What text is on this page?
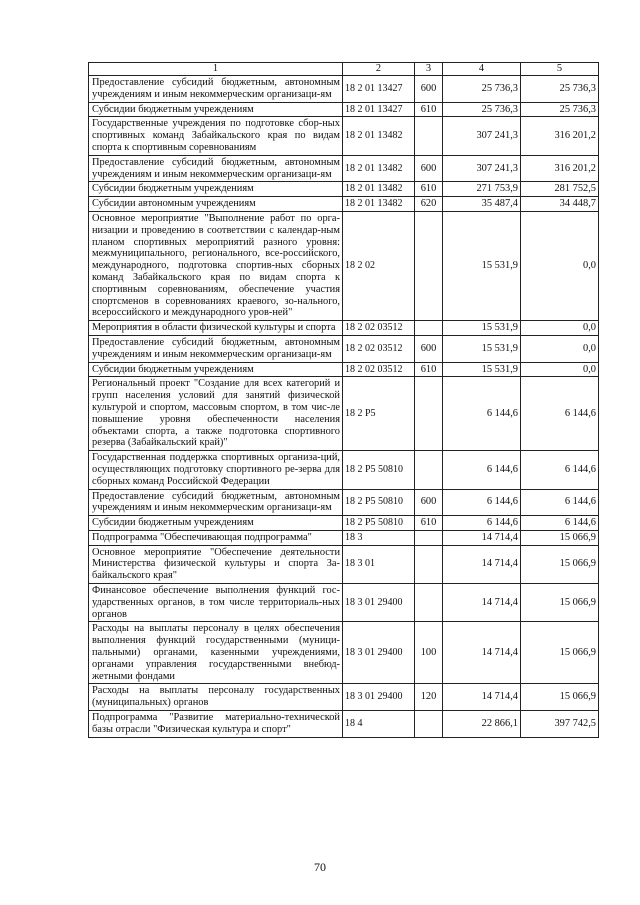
1	2	3	4	5
Предоставление субсидий бюджетным, автономным учреждениям и иным некоммерческим организаци-ям	18 2 01 13427	600	25 736,3	25 736,3
Субсидии бюджетным учреждениям	18 2 01 13427	610	25 736,3	25 736,3
Государственные учреждения по подготовке сбор-ных спортивных команд Забайкальского края по видам спорта к спортивным соревнованиям	18 2 01 13482		307 241,3	316 201,2
Предоставление субсидий бюджетным, автономным учреждениям и иным некоммерческим организаци-ям	18 2 01 13482	600	307 241,3	316 201,2
Субсидии бюджетным учреждениям	18 2 01 13482	610	271 753,9	281 752,5
Субсидии автономным учреждениям	18 2 01 13482	620	35 487,4	34 448,7
Основное мероприятие "Выполнение работ по орга-низации и проведению в соответствии с календар-ным планом спортивных мероприятий разного уровня: межмуниципального, регионального, все-российского, международного, подготовка спортив-ных сборных команд Забайкальского края по видам спорта к спортивным соревнованиям, обеспечение участия спортсменов в соревнованиях краевого, зо-нального, всероссийского и международного уров-ней"	18 2 02		15 531,9	0,0
Мероприятия в области физической культуры и спорта	18 2 02 03512		15 531,9	0,0
Предоставление субсидий бюджетным, автономным учреждениям и иным некоммерческим организаци-ям	18 2 02 03512	600	15 531,9	0,0
Субсидии бюджетным учреждениям	18 2 02 03512	610	15 531,9	0,0
Региональный проект "Создание для всех категорий и групп населения условий для занятий физической культурой и спортом, массовым спортом, в том чис-ле повышение уровня обеспеченности населения объектами спорта, а также подготовка спортивного резерва (Забайкальский край)"	18 2 P5		6 144,6	6 144,6
Государственная поддержка спортивных организа-ций, осуществляющих подготовку спортивного ре-зерва для сборных команд Российской Федерации	18 2 P5 50810		6 144,6	6 144,6
Предоставление субсидий бюджетным, автономным учреждениям и иным некоммерческим организаци-ям	18 2 P5 50810	600	6 144,6	6 144,6
Субсидии бюджетным учреждениям	18 2 P5 50810	610	6 144,6	6 144,6
Подпрограмма "Обеспечивающая подпрограмма"	18 3		14 714,4	15 066,9
Основное мероприятие "Обеспечение деятельности Министерства физической культуры и спорта За-байкальского края"	18 3 01		14 714,4	15 066,9
Финансовое обеспечение выполнения функций гос-ударственных органов, в том числе территориаль-ных органов	18 3 01 29400		14 714,4	15 066,9
Расходы на выплаты персоналу в целях обеспечения выполнения функций государственными (муници-пальными) органами, казенными учреждениями, органами управления государственными внебюд-жетными фондами	18 3 01 29400	100	14 714,4	15 066,9
Расходы на выплаты персоналу государственных (муниципальных) органов	18 3 01 29400	120	14 714,4	15 066,9
Подпрограмма "Развитие материально-технической базы отрасли "Физическая культура и спорт"	18 4		22 866,1	397 742,5
70
